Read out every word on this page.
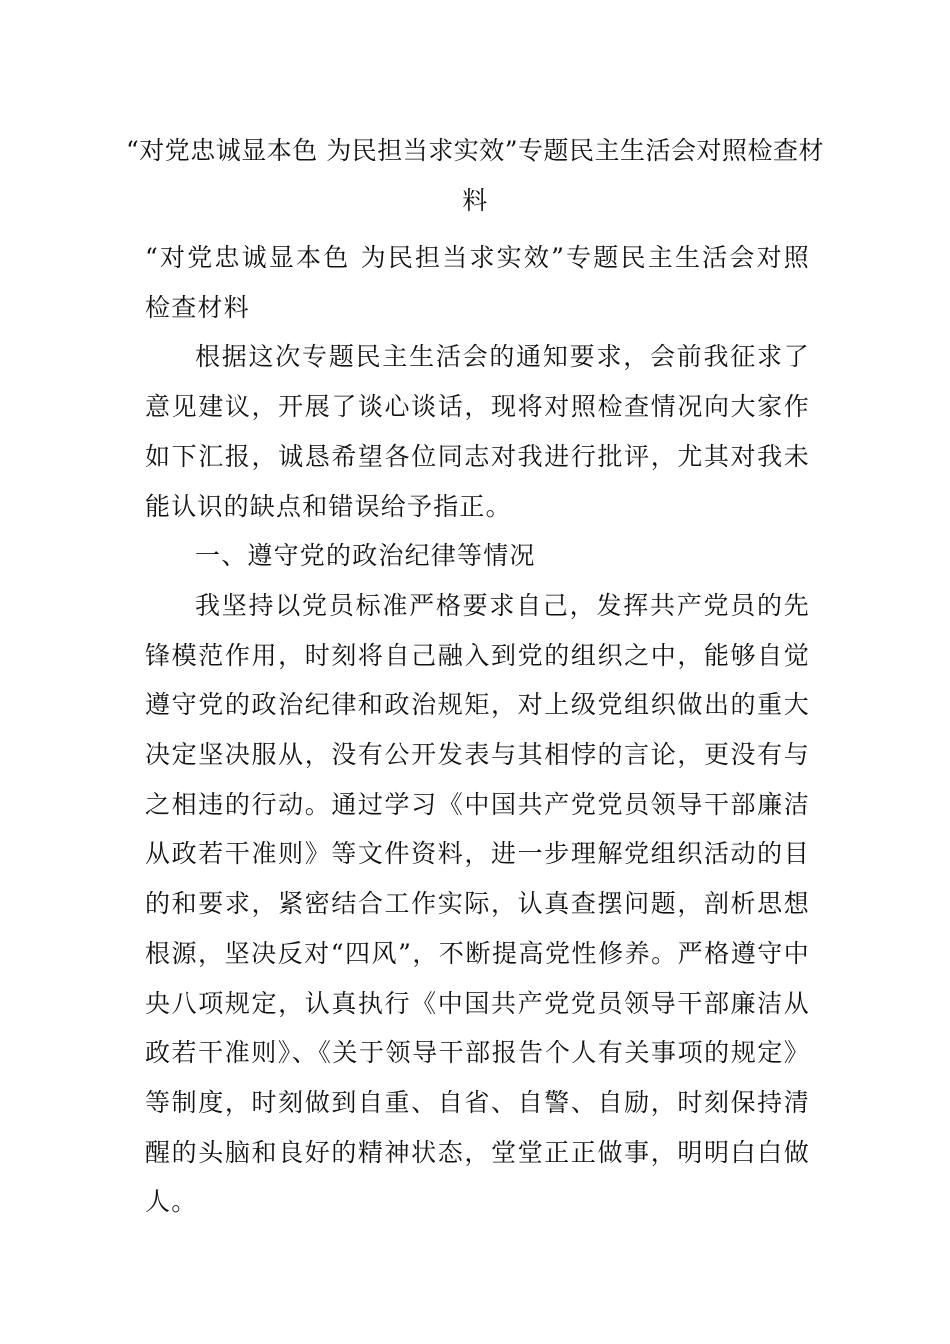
“对党忠诚显本色 为民担当求实效”专题民主生活会对照检查材料

“对党忠诚显本色 为民担当求实效”专题民主生活会对照检查材料

根据这次专题民主生活会的通知要求，会前我征求了意见建议，开展了谈心谈话，现将对照检查情况向大家作如下汇报，诚恳希望各位同志对我进行批评，尤其对我未能认识的缺点和错误给予指正。

一、遵守党的政治纪律等情况

我坚持以党员标准严格要求自己，发挥共产党员的先锋模范作用，时刻将自己融入到党的组织之中，能够自觉遵守党的政治纪律和政治规矩，对上级党组织做出的重大决定坚决服从，没有公开发表与其相悖的言论，更没有与之相违的行动。通过学习《中国共产党党员领导干部廉洁从政若干准则》等文件资料，进一步理解党组织活动的目的和要求，紧密结合工作实际，认真查摆问题，剖析思想根源，坚决反对“四风”，不断提高党性修养。严格遵守中央八项规定，认真执行《中国共产党党员领导干部廉洁从政若干准则》、《关于领导干部报告个人有关事项的规定》等制度，时刻做到自重、自省、自警、自励，时刻保持清醒的头脑和良好的精神状态，堂堂正正做事，明明白白做人。
